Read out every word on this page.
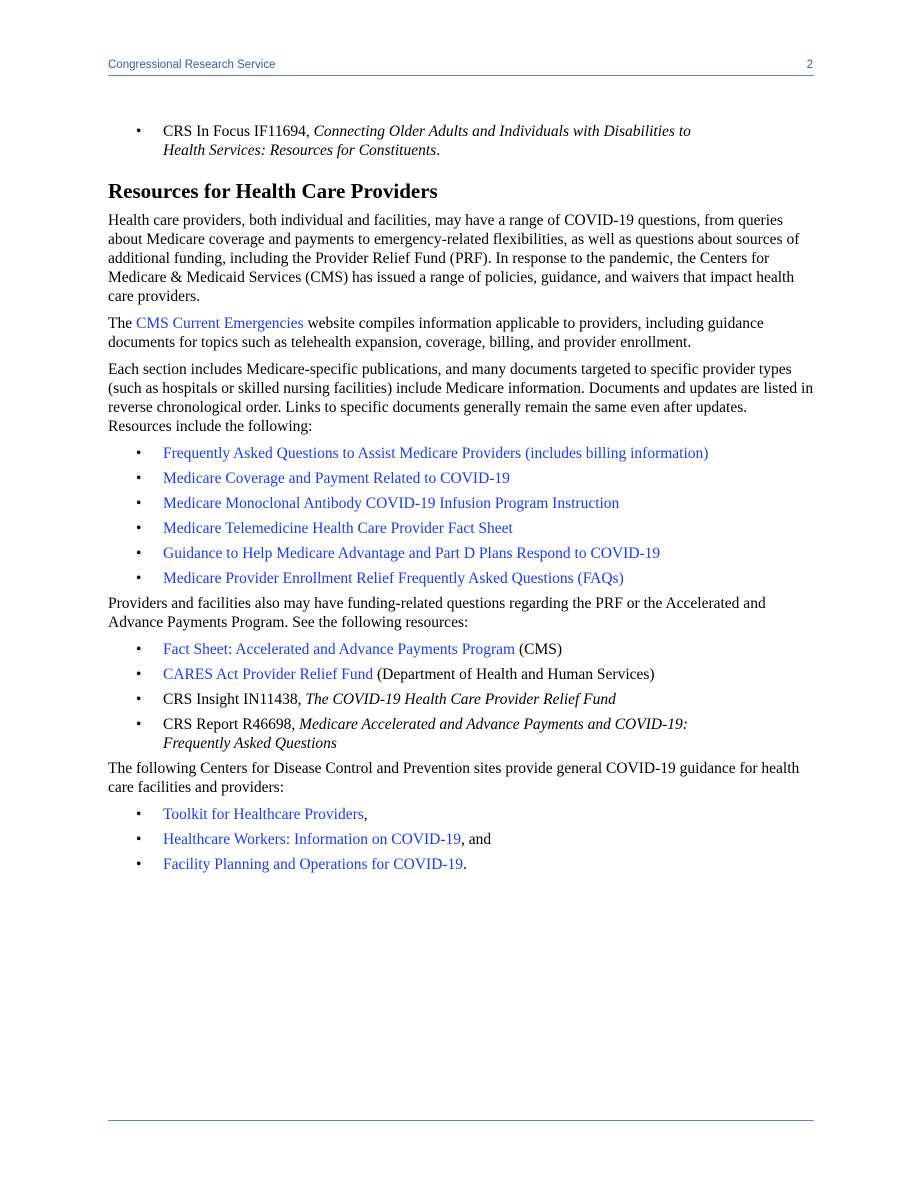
Congressional Research Service	2
• CRS In Focus IF11694, Connecting Older Adults and Individuals with Disabilities to Health Services: Resources for Constituents.
Resources for Health Care Providers

Health care providers, both individual and facilities, may have a range of COVID-19 questions, from queries about Medicare coverage and payments to emergency-related flexibilities, as well as questions about sources of additional funding, including the Provider Relief Fund (PRF). In response to the pandemic, the Centers for Medicare & Medicaid Services (CMS) has issued a range of policies, guidance, and waivers that impact health care providers.

The CMS Current Emergencies website compiles information applicable to providers, including guidance documents for topics such as telehealth expansion, coverage, billing, and provider enrollment.

Each section includes Medicare-specific publications, and many documents targeted to specific provider types (such as hospitals or skilled nursing facilities) include Medicare information. Documents and updates are listed in reverse chronological order. Links to specific documents generally remain the same even after updates. Resources include the following:

• Frequently Asked Questions to Assist Medicare Providers (includes billing information)
• Medicare Coverage and Payment Related to COVID-19
• Medicare Monoclonal Antibody COVID-19 Infusion Program Instruction
• Medicare Telemedicine Health Care Provider Fact Sheet
• Guidance to Help Medicare Advantage and Part D Plans Respond to COVID-19
• Medicare Provider Enrollment Relief Frequently Asked Questions (FAQs)

Providers and facilities also may have funding-related questions regarding the PRF or the Accelerated and Advance Payments Program. See the following resources:

• Fact Sheet: Accelerated and Advance Payments Program (CMS)
• CARES Act Provider Relief Fund (Department of Health and Human Services)
• CRS Insight IN11438, The COVID-19 Health Care Provider Relief Fund
• CRS Report R46698, Medicare Accelerated and Advance Payments and COVID-19: Frequently Asked Questions

The following Centers for Disease Control and Prevention sites provide general COVID-19 guidance for health care facilities and providers:

• Toolkit for Healthcare Providers,
• Healthcare Workers: Information on COVID-19, and
• Facility Planning and Operations for COVID-19.
